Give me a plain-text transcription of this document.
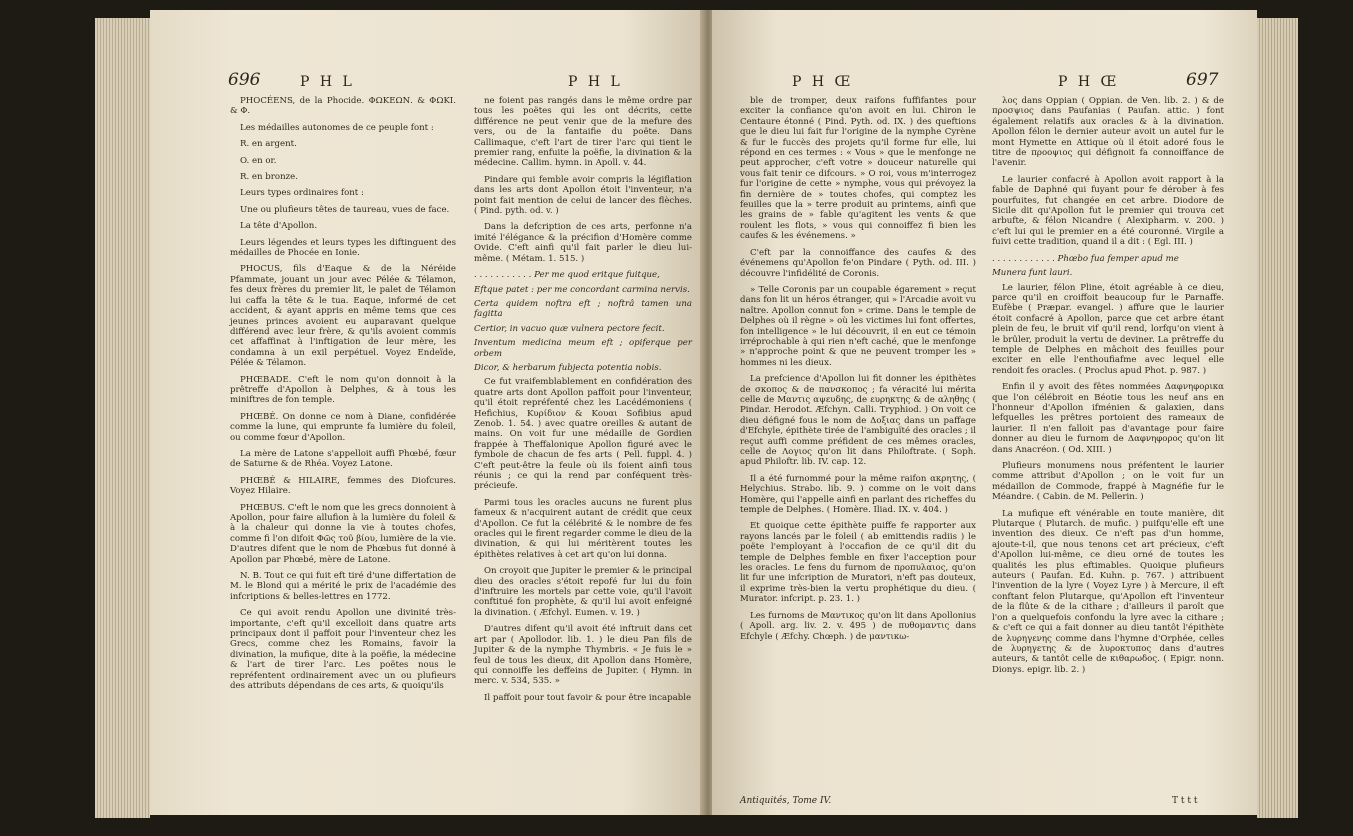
696	P H L	P H L

PHOCÉENS, de la Phocide. ΦΩΚΕΩΝ. & ΦΩΚΙ. & Φ.

Les médailles autonomes de ce peuple font :

R. en argent.

O. en or.

R. en bronze.

Leurs types ordinaires font :

Une ou plufieurs têtes de taureau, vues de face.

La tête d'Apollon.

Leurs légendes et leurs types les diftinguent des médailles de Phocée en Ionie.

PHOCUS, fils d'Eaque & de la Néréide Pfammate, jouant un jour avec Pélée & Télamon, fes deux frères du premier lit, le palet de Télamon lui caffa la tête & le tua. Eaque, informé de cet accident, & ayant appris en même tems que ces jeunes princes avoient eu auparavant quelque différend avec leur frère, & qu'ils avoient commis cet affaffinat à l'inftigation de leur mère, les condamna à un exil perpétuel. Voyez Endeïde, Pélée & Télamon.

PHŒBADE. C'eft le nom qu'on donnoit à la prêtreffe d'Apollon à Delphes, & à tous les miniftres de fon temple.

PHŒBÉ. On donne ce nom à Diane, confidérée comme la lune, qui emprunte fa lumière du foleil, ou comme fœur d'Apollon.

La mère de Latone s'appelloit auffi Phœbé, fœur de Saturne & de Rhéa. Voyez Latone.

PHŒBÉ & HILAIRE, femmes des Diofcures. Voyez Hilaire.

PHŒBUS. C'eft le nom que les grecs donnoient à Apollon, pour faire allufion à la lumière du foleil & à la chaleur qui donne la vie à toutes chofes, comme fi l'on difoit Φῶς τοῦ βίου, lumière de la vie. D'autres difent que le nom de Phœbus fut donné à Apollon par Phœbé, mère de Latone.

N. B. Tout ce qui fuit eft tiré d'une differtation de M. le Blond qui a mérité le prix de l'académie des infcriptions & belles-lettres en 1772.

Ce qui avoit rendu Apollon une divinité très-importante, c'eft qu'il excelloit dans quatre arts principaux dont il paffoit pour l'inventeur chez les Grecs, comme chez les Romains, favoir la divination, la mufique, dite à la poëfie, la médecine & l'art de tirer l'arc. Les poëtes nous le repréfentent ordinairement avec un ou plufieurs des attributs dépendans de ces arts, & quoiqu'ils

ne foient pas rangés dans le même ordre par tous les poëtes qui les ont décrits, cette différence ne peut venir que de la mefure des vers, ou de la fantaifie du poëte. Dans Callimaque, c'eft l'art de tirer l'arc qui tient le premier rang, enfuite la poëfie, la divination & la médecine. Callim. hymn. in Apoll. v. 44.

Pindare qui femble avoir compris la légiflation dans les arts dont Apollon étoit l'inventeur, n'a point fait mention de celui de lancer des flèches. ( Pind. pyth. od. v. )

Dans la defcription de ces arts, perfonne n'a imité l'élégance & la précifion d'Homère comme Ovide. C'eft ainfi qu'il fait parler le dieu lui-même. ( Métam. 1. 515. )

. . . . . . . . . . . Per me quod eritque fuitque,

Eftque patet : per me concordant carmina nervis.

Certa quidem noftra eft ; noftrâ tamen una fagitta

Certior, in vacuo quæ vulnera pectore fecit.

Inventum medicina meum eft ; opiferque per orbem

Dicor, & herbarum fubjecta potentia nobis.

Ce fut vraifemblablement en confidération des quatre arts dont Apollon paffoit pour l'inventeur, qu'il étoit repréfenté chez les Lacédémoniens ( Hefichius, Κυρίδιον & Κουαι Sofibius apud Zenob. 1. 54. ) avec quatre oreilles & autant de mains. On voit fur une médaille de Gordien frappée à Theffalonique Apollon figuré avec le fymbole de chacun de fes arts ( Pell. fuppl. 4. ) C'eft peut-être la feule où ils foient ainfi tous réunis ; ce qui la rend par conféquent très-précieufe.

Parmi tous les oracles aucuns ne furent plus fameux & n'acquirent autant de crédit que ceux d'Apollon. Ce fut la célébrité & le nombre de fes oracles qui le firent regarder comme le dieu de la divination, & qui lui méritèrent toutes les épithètes relatives à cet art qu'on lui donna.

On croyoit que Jupiter le premier & le principal dieu des oracles s'étoit repofé fur lui du foin d'inftruire les mortels par cette voie, qu'il l'avoit conftitué fon prophète, & qu'il lui avoit enfeigné la divination. ( Æfchyl. Eumen. v. 19. )

D'autres difent qu'il avoit été inftruit dans cet art par ( Apollodor. lib. 1. ) le dieu Pan fils de Jupiter & de la nymphe Thymbris. « Je fuis le » feul de tous les dieux, dit Apollon dans Homère, qui connoiffe les deffeins de Jupiter. ( Hymn. in merc. v. 534, 535. »

Il paffoit pour tout favoir & pour être incapable

P H Œ	P H Œ	697

ble de tromper, deux raifons fuffifantes pour exciter la confiance qu'on avoit en lui. Chiron le Centaure étonné ( Pind. Pyth. od. IX. ) des queftions que le dieu lui fait fur l'origine de la nymphe Cyrène & fur le fuccès des projets qu'il forme fur elle, lui répond en ces termes : « Vous » que le menfonge ne peut approcher, c'eft votre » douceur naturelle qui vous fait tenir ce difcours. » O roi, vous m'interrogez fur l'origine de cette » nymphe, vous qui prévoyez la fin dernière de » toutes chofes, qui comptez les feuilles que la » terre produit au printems, ainfi que les grains de » fable qu'agitent les vents & que roulent les flots, » vous qui connoiffez fi bien les caufes & les événemens. »

C'eft par la connoiffance des caufes & des événemens qu'Apollon fe'on Pindare ( Pyth. od. III. ) découvre l'infidélité de Coronis.

» Telle Coronis par un coupable égarement » reçut dans fon lit un héros étranger, qui » l'Arcadie avoit vu naître. Apollon connut fon » crime. Dans le temple de Delphes où il règne » où les victimes lui font offertes, fon intelligence » le lui découvrit, il en eut ce témoin irréprochable à qui rien n'eft caché, que le menfonge » n'approche point & que ne peuvent tromper les » hommes ni les dieux.

La prefcience d'Apollon lui fit donner les épithètes de σκοπος & de πανσκοπος ; fa véracité lui mérita celle de Μαντις αψευδης, de ευρηκτης & de αληθης ( Pindar. Herodot. Æfchyn. Calli. Tryphiod. ) On voit ce dieu défigné fous le nom de Δοξιας dans un paffage d'Efchyle, épithète tirée de l'ambiguïté des oracles ; il reçut auffi comme préfident de ces mêmes oracles, celle de Λογιος qu'on lit dans Philoftrate. ( Soph. apud Philoftr. lib. IV. cap. 12.

Il a été furnommé pour la même raifon ακρητης, ( Helychius. Strabo. lib. 9. ) comme on le voit dans Homère, qui l'appelle ainfi en parlant des richeffes du temple de Delphes. ( Homère. Iliad. IX. v. 404. )

Et quoique cette épithète puiffe fe rapporter aux rayons lancés par le foleil ( ab emittendis radiis ) le poëte l'employant à l'occafion de ce qu'il dit du temple de Delphes femble en fixer l'acception pour les oracles. Le fens du furnom de προπυλαιος, qu'on lit fur une infcription de Muratori, n'eft pas douteux, il exprime très-bien la vertu prophétique du dieu. ( Murator. infcript. p. 23. 1. )

Les furnoms de Μαντικος qu'on lit dans Apollonius ( Apoll. arg. liv. 2. v. 495 ) de πυθομαντις dans Efchyle ( Æfchy. Chœph. ) de μαντικω-

λος dans Oppian ( Oppian. de Ven. lib. 2. ) & de προσψιος dans Paufanias ( Paufan. attic. ) font également relatifs aux oracles & à la divination. Apollon félon le dernier auteur avoit un autel fur le mont Hymette en Attique où il étoit adoré fous le titre de προοψιος qui défignoit fa connoiffance de l'avenir.

Le laurier confacré à Apollon avoit rapport à la fable de Daphné qui fuyant pour fe dérober à fes pourfuites, fut changée en cet arbre. Diodore de Sicile dit qu'Apollon fut le premier qui trouva cet arbufte, & félon Nicandre ( Alexipharm. v. 200. ) c'eft lui qui le premier en a été couronné. Virgile a fuivi cette tradition, quand il a dit : ( Egl. III. )

. . . . . . . . . . . . Phœbo fua femper apud me

Munera funt lauri.

Le laurier, félon Pline, étoit agréable à ce dieu, parce qu'il en croiffoit beaucoup fur le Parnaffe. Eufèbe ( Præpar. evangel. ) affure que le laurier étoit confacré à Apollon, parce que cet arbre étant plein de feu, le bruit vif qu'il rend, lorfqu'on vient à le brûler, produit la vertu de deviner. La prêtreffe du temple de Delphes en mâchoit des feuilles pour exciter en elle l'enthoufiafme avec lequel elle rendoit fes oracles. ( Proclus apud Phot. p. 987. )

Enfin il y avoit des fêtes nommées Δαφνηφορικα que l'on célébroit en Béotie tous les neuf ans en l'honneur d'Apollon ifménien & galaxien, dans lefquelles les prêtres portoient des rameaux de laurier. Il n'en falloit pas d'avantage pour faire donner au dieu le furnom de Δαφνηφορος qu'on lit dans Anacréon. ( Od. XIII. )

Plufieurs monumens nous préfentent le laurier comme attribut d'Apollon ; on le voit fur un médaillon de Commode, frappé à Magnéfie fur le Méandre. ( Cabin. de M. Pellerin. )

La mufique eft vénérable en toute manière, dit Plutarque ( Plutarch. de mufic. ) puifqu'elle eft une invention des dieux. Ce n'eft pas d'un homme, ajoute-t-il, que nous tenons cet art précieux, c'eft d'Apollon lui-même, ce dieu orné de toutes les qualités les plus eftimables. Quoique plufieurs auteurs ( Paufan. Ed. Kuhn. p. 767. ) attribuent l'invention de la lyre ( Voyez Lyre ) à Mercure, il eft conftant felon Plutarque, qu'Apollon eft l'inventeur de la flûte & de la cithare ; d'ailleurs il paroît que l'on a quelquefois confondu la lyre avec la cithare ; & c'eft ce qui a fait donner au dieu tantôt l'épithète de λυρηγενης comme dans l'hymne d'Orphée, celles de λυρηγετης & de λυροκτυπος dans d'autres auteurs, & tantôt celle de κιθαρωδος. ( Epigr. nonn. Dionys. epigr. lib. 2. )

Antiquités, Tome IV.	T t t t
